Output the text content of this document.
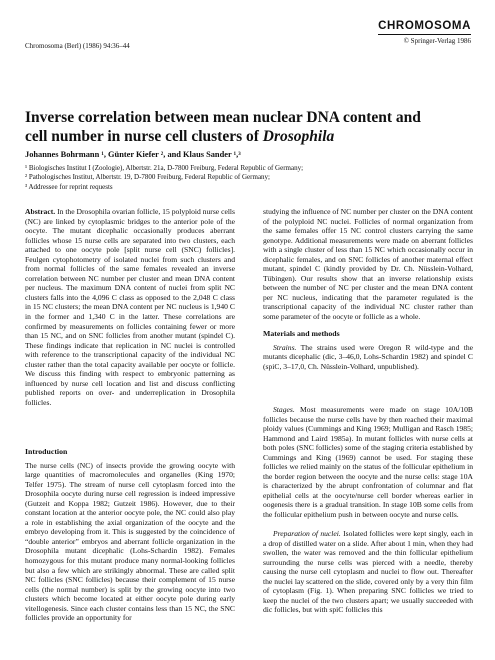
Chromosoma (Berl) (1986) 94:36–44
CHROMOSOMA
© Springer-Verlag 1986
Inverse correlation between mean nuclear DNA content and
cell number in nurse cell clusters of Drosophila
Johannes Bohrmann ¹, Günter Kiefer ², and Klaus Sander ¹,³
¹ Biologisches Institut I (Zoologie), Albertstr. 21a, D-7800 Freiburg, Federal Republic of Germany;
² Pathologisches Institut, Albertstr. 19, D-7800 Freiburg, Federal Republic of Germany;
³ Addressee for reprint requests

Abstract. In the Drosophila ovarian follicle, 15 polyploid nurse cells (NC) are linked by cytoplasmic bridges to the anterior pole of the oocyte. The mutant dicephalic occasionally produces aberrant follicles whose 15 nurse cells are separated into two clusters, each attached to one oocyte pole [split nurse cell (SNC) follicles]. Feulgen cytophotometry of isolated nuclei from such clusters and from normal follicles of the same females revealed an inverse correlation between NC number per cluster and mean DNA content per nucleus. The maximum DNA content of nuclei from split NC clusters falls into the 4,096 C class as opposed to the 2,048 C class in 15 NC clusters; the mean DNA content per NC nucleus is 1,940 C in the former and 1,340 C in the latter. These correlations are confirmed by measurements on follicles containing fewer or more than 15 NC, and on SNC follicles from another mutant (spindel C). These findings indicate that replication in NC nuclei is controlled with reference to the transcriptional capacity of the individual NC cluster rather than the total capacity available per oocyte or follicle. We discuss this finding with respect to embryonic patterning as influenced by nurse cell location and list and discuss conflicting published reports on over- and underreplication in Drosophila follicles.

Introduction

The nurse cells (NC) of insects provide the growing oocyte with large quantities of macromolecules and organelles (King 1970; Telfer 1975). The stream of nurse cell cytoplasm forced into the Drosophila oocyte during nurse cell regression is indeed impressive (Gutzeit and Koppa 1982; Gutzeit 1986). However, due to their constant location at the anterior oocyte pole, the NC could also play a role in establishing the axial organization of the oocyte and the embryo developing from it. This is suggested by the coincidence of “double anterior” embryos and aberrant follicle organization in the Drosophila mutant dicephalic (Lohs-Schardin 1982). Females homozygous for this mutant produce many normal-looking follicles but also a few which are strikingly abnormal. These are called split NC follicles (SNC follicles) because their complement of 15 nurse cells (the normal number) is split by the growing oocyte into two clusters which become located at either oocyte pole during early vitellogenesis. Since each cluster contains less than 15 NC, the SNC follicles provide an opportunity for

studying the influence of NC number per cluster on the DNA content of the polyploid NC nuclei. Follicles of normal organization from the same females offer 15 NC control clusters carrying the same genotype. Additional measurements were made on aberrant follicles with a single cluster of less than 15 NC which occasionally occur in dicephalic females, and on SNC follicles of another maternal effect mutant, spindel C (kindly provided by Dr. Ch. Nüsslein-Volhard, Tübingen). Our results show that an inverse relationship exists between the number of NC per cluster and the mean DNA content per NC nucleus, indicating that the parameter regulated is the transcriptional capacity of the individual NC cluster rather than some parameter of the oocyte or follicle as a whole.

Materials and methods

Strains. The strains used were Oregon R wild-type and the mutants dicephalic (dic, 3–46,0, Lohs-Schardin 1982) and spindel C (spiC, 3–17,0, Ch. Nüsslein-Volhard, unpublished).

Stages. Most measurements were made on stage 10A/10B follicles because the nurse cells have by then reached their maximal ploidy values (Cummings and King 1969; Mulligan and Rasch 1985; Hammond and Laird 1985a). In mutant follicles with nurse cells at both poles (SNC follicles) some of the staging criteria established by Cummings and King (1969) cannot be used. For staging these follicles we relied mainly on the status of the follicular epithelium in the border region between the oocyte and the nurse cells: stage 10A is characterized by the abrupt confrontation of columnar and flat epithelial cells at the oocyte/nurse cell border whereas earlier in oogenesis there is a gradual transition. In stage 10B some cells from the follicular epithelium push in between oocyte and nurse cells.

Preparation of nuclei. Isolated follicles were kept singly, each in a drop of distilled water on a slide. After about 1 min, when they had swollen, the water was removed and the thin follicular epithelium surrounding the nurse cells was pierced with a needle, thereby causing the nurse cell cytoplasm and nuclei to flow out. Thereafter the nuclei lay scattered on the slide, covered only by a very thin film of cytoplasm (Fig. 1). When preparing SNC follicles we tried to keep the nuclei of the two clusters apart; we usually succeeded with dic follicles, but with spiC follicles this
